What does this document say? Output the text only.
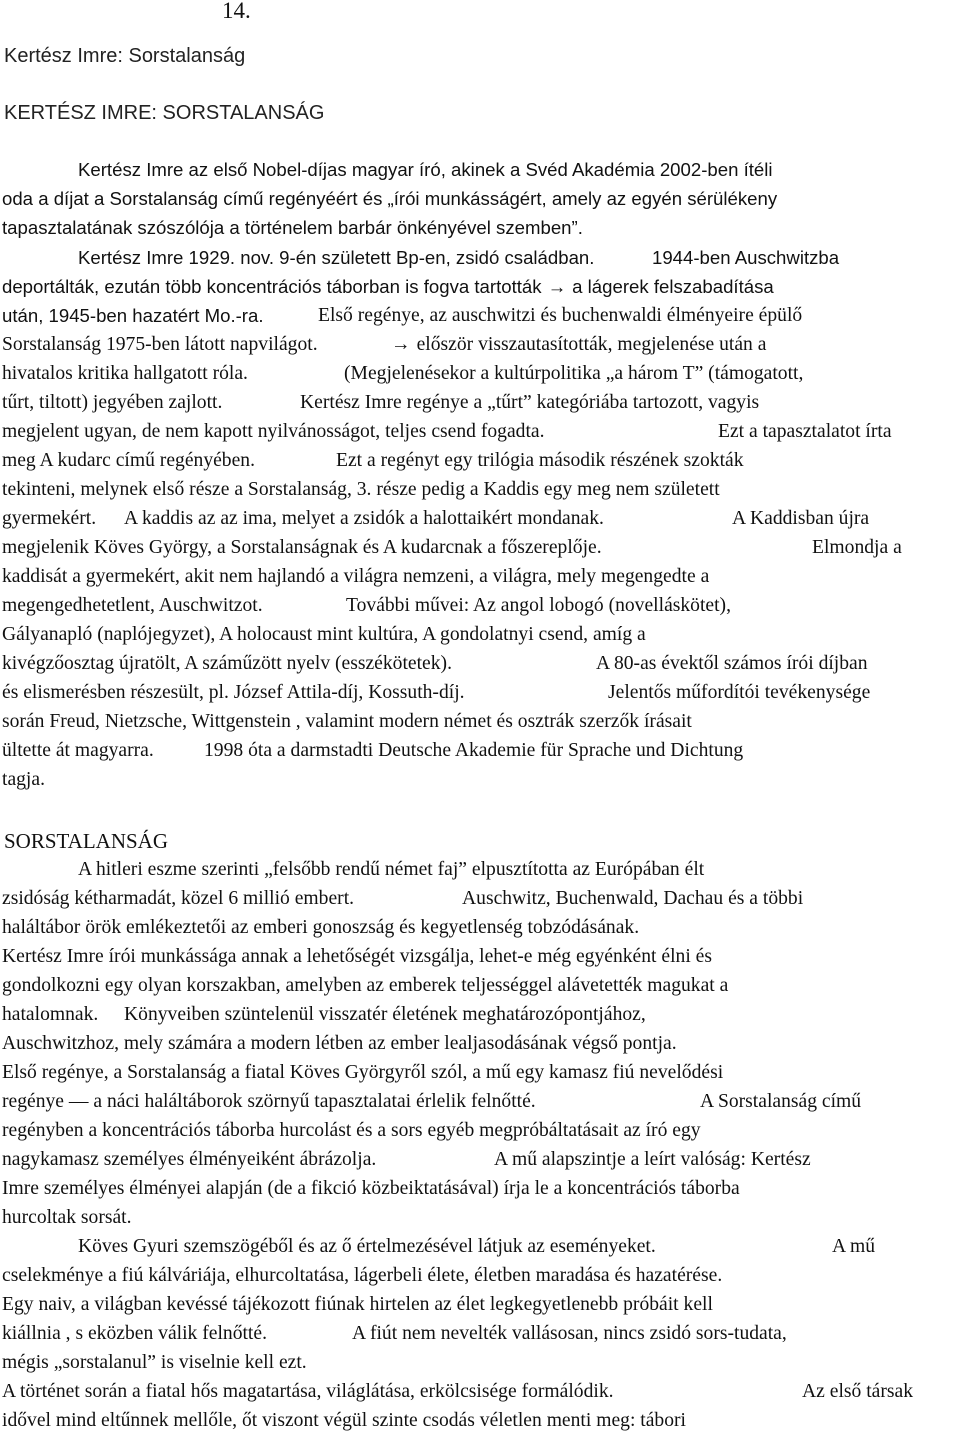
14.
Kertész Imre: Sorstalanság
KERTÉSZ IMRE: SORSTALANSÁG
Kertész Imre az első Nobel-díjas magyar író, akinek a Svéd Akadémia 2002-ben ítéli
oda a díjat a Sorstalanság című regényéért és „írói munkásságért, amely az egyén sérülékeny
tapasztalatának szószólója a történelem barbár önkényével szemben”.
Kertész Imre 1929. nov. 9-én született Bp-en, zsidó családban.	1944-ben Auschwitzba
deportálták, ezután több koncentrációs táborban is fogva tartották → a lágerek felszabadítása
után, 1945-ben hazatért Mo.-ra.	Első regénye, az auschwitzi és buchenwaldi élményeire épülő
Sorstalanság 1975-ben látott napvilágot.	→ először visszautasították, megjelenése után a
hivatalos kritika hallgatott róla.	(Megjelenésekor a kultúrpolitika „a három T” (támogatott,
tűrt, tiltott) jegyében zajlott.	Kertész Imre regénye a „tűrt” kategóriába tartozott, vagyis
megjelent ugyan, de nem kapott nyilvánosságot, teljes csend fogadta.	Ezt a tapasztalatot írta
meg A kudarc című regényében.	Ezt a regényt egy trilógia második részének szokták
tekinteni, melynek első része a Sorstalanság, 3. része pedig a Kaddis egy meg nem született
gyermekért. A kaddis az az ima, melyet a zsidók a halottaikért mondanak.	A Kaddisban újra
megjelenik Köves György, a Sorstalanságnak és A kudarcnak a főszereplője.	Elmondja a
kaddisát a gyermekért, akit nem hajlandó a világra nemzeni, a világra, mely megengedte a
megengedhetetlent, Auschwitzot.	További művei: Az angol lobogó (novelláskötet),
Gályanapló (naplójegyzet), A holocaust mint kultúra, A gondolatnyi csend, amíg a
kivégzőosztag újratölt, A száműzött nyelv (esszékötetek).	A 80-as évektől számos írói díjban
és elismerésben részesült, pl. József Attila-díj, Kossuth-díj.	Jelentős műfordítói tevékenysége
során Freud, Nietzsche, Wittgenstein , valamint modern német és osztrák szerzők írásait
ültette át magyarra.	1998 óta a darmstadti Deutsche Akademie für Sprache und Dichtung
tagja.
SORSTALANSÁG
A hitleri eszme szerinti „felsőbb rendű német faj” elpusztította az Európában élt
zsidóság kétharmadát, közel 6 millió embert.	Auschwitz, Buchenwald, Dachau és a többi
haláltábor örök emlékeztetői az emberi gonoszság és kegyetlenség tobzódásának.
Kertész Imre írói munkássága annak a lehetőségét vizsgálja, lehet-e még egyénként élni és
gondolkozni egy olyan korszakban, amelyben az emberek teljességgel alávetették magukat a
hatalomnak. Könyveiben szüntelenül visszatér életének meghatározópontjához,
Auschwitzhoz, mely számára a modern létben az ember lealjasodásának végső pontja.
Első regénye, a Sorstalanság a fiatal Köves Györgyről szól, a mű egy kamasz fiú nevelődési
regénye — a náci haláltáborok szörnyű tapasztalatai érlelik felnőtté.	A Sorstalanság című
regényben a koncentrációs táborba hurcolást és a sors egyéb megpróbáltatásait az író egy
nagykamasz személyes élményeiként ábrázolja.	A mű alapszintje a leírt valóság: Kertész
Imre személyes élményei alapján (de a fikció közbeiktatásával) írja le a koncentrációs táborba
hurcoltak sorsát.
Köves Gyuri szemszögéből és az ő értelmezésével látjuk az eseményeket.	A mű
cselekménye a fiú kálváriája, elhurcoltatása, lágerbeli élete, életben maradása és hazatérése.
Egy naiv, a világban kevéssé tájékozott fiúnak hirtelen az élet legkegyetlenebb próbáit kell
kiállnia , s eközben válik felnőtté.	A fiút nem nevelték vallásosan, nincs zsidó sors-tudata,
mégis „sorstalanul” is viselnie kell ezt.
A történet során a fiatal hős magatartása, világlátása, erkölcsisége formálódik.	Az első társak
idővel mind eltűnnek mellőle, őt viszont végül szinte csodás véletlen menti meg: tábori
